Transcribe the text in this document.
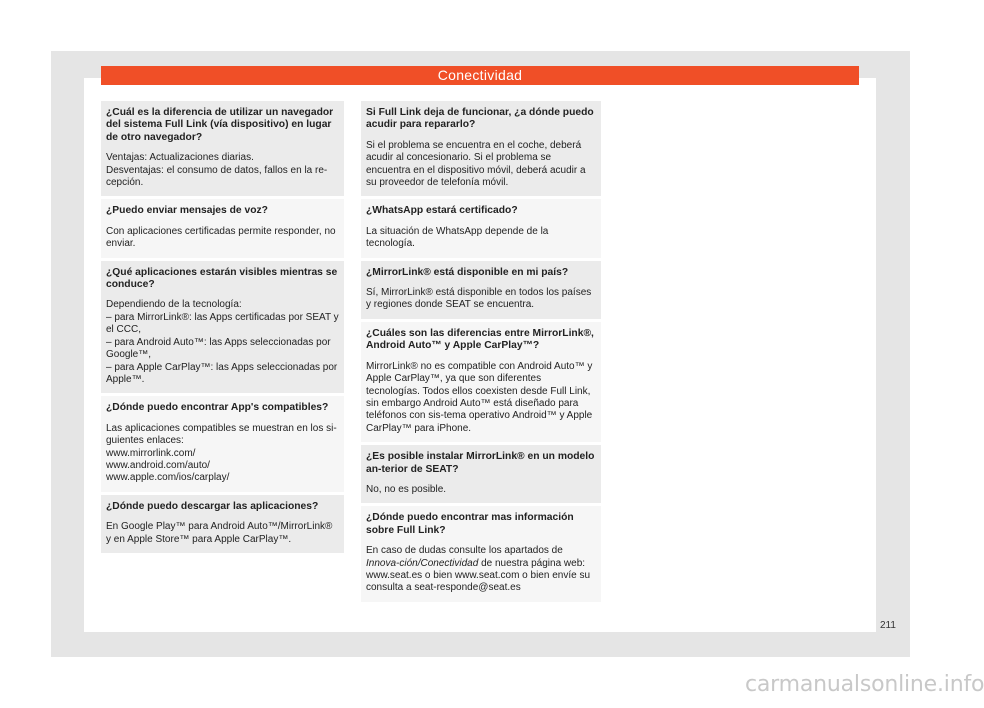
Conectividad
¿Cuál es la diferencia de utilizar un navegador del sistema Full Link (vía dispositivo) en lugar de otro navegador?
Ventajas: Actualizaciones diarias.
Desventajas: el consumo de datos, fallos en la re-cepción.
¿Puedo enviar mensajes de voz?
Con aplicaciones certificadas permite responder, no enviar.
¿Qué aplicaciones estarán visibles mientras se conduce?
Dependiendo de la tecnología:
– para MirrorLink®: las Apps certificadas por SEAT y el CCC,
– para Android Auto™: las Apps seleccionadas por Google™,
– para Apple CarPlay™: las Apps seleccionadas por Apple™.
¿Dónde puedo encontrar App's compatibles?
Las aplicaciones compatibles se muestran en los si-guientes enlaces:
www.mirrorlink.com/
www.android.com/auto/
www.apple.com/ios/carplay/
¿Dónde puedo descargar las aplicaciones?
En Google Play™ para Android Auto™/MirrorLink® y en Apple Store™ para Apple CarPlay™.
Si Full Link deja de funcionar, ¿a dónde puedo acudir para repararlo?
Si el problema se encuentra en el coche, deberá acudir al concesionario. Si el problema se encuentra en el dispositivo móvil, deberá acudir a su proveedor de telefonía móvil.
¿WhatsApp estará certificado?
La situación de WhatsApp depende de la tecnología.
¿MirrorLink® está disponible en mi país?
Sí, MirrorLink® está disponible en todos los países y regiones donde SEAT se encuentra.
¿Cuáles son las diferencias entre MirrorLink®, Android Auto™ y Apple CarPlay™?
MirrorLink® no es compatible con Android Auto™ y Apple CarPlay™, ya que son diferentes tecnologías. Todos ellos coexisten desde Full Link, sin embargo Android Auto™ está diseñado para teléfonos con sis-tema operativo Android™ y Apple CarPlay™ para iPhone.
¿Es posible instalar MirrorLink® en un modelo an-terior de SEAT?
No, no es posible.
¿Dónde puedo encontrar mas información sobre Full Link?
En caso de dudas consulte los apartados de Innova-ción/Conectividad de nuestra página web: www.seat.es o bien www.seat.com o bien envíe su consulta a seat-responde@seat.es
211
carmanualsonline.info
